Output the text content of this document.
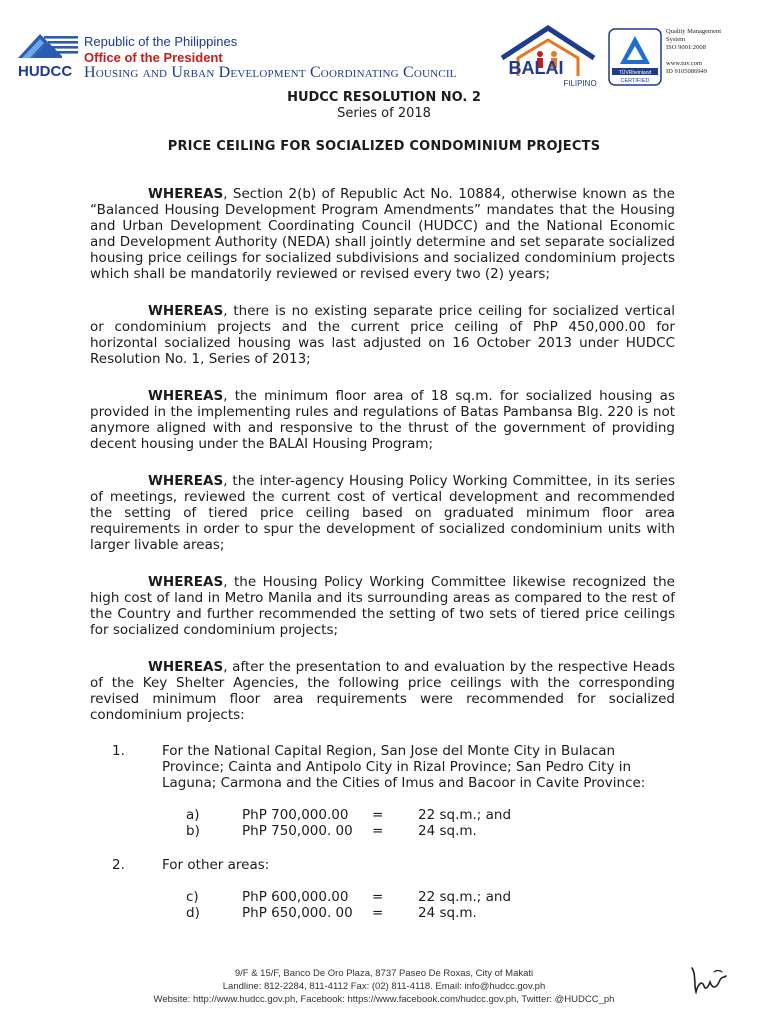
Republic of the Philippines
Office of the President
HUDCC Housing and Urban Development Coordinating Council	BALAI
FILIPINO
TÜVRheinland
CERTIFIED
Quality Management
System
ISO 9001:2008
www.tuv.com
ID 9105086949
HUDCC RESOLUTION NO. 2
Series of 2018
PRICE CEILING FOR SOCIALIZED CONDOMINIUM PROJECTS

WHEREAS, Section 2(b) of Republic Act No. 10884, otherwise known as the “Balanced Housing Development Program Amendments” mandates that the Housing and Urban Development Coordinating Council (HUDCC) and the National Economic and Development Authority (NEDA) shall jointly determine and set separate socialized housing price ceilings for socialized subdivisions and socialized condominium projects which shall be mandatorily reviewed or revised every two (2) years;

WHEREAS, there is no existing separate price ceiling for socialized vertical or condominium projects and the current price ceiling of PhP 450,000.00 for horizontal socialized housing was last adjusted on 16 October 2013 under HUDCC Resolution No. 1, Series of 2013;

WHEREAS, the minimum floor area of 18 sq.m. for socialized housing as provided in the implementing rules and regulations of Batas Pambansa Blg. 220 is not anymore aligned with and responsive to the thrust of the government of providing decent housing under the BALAI Housing Program;

WHEREAS, the inter-agency Housing Policy Working Committee, in its series of meetings, reviewed the current cost of vertical development and recommended the setting of tiered price ceiling based on graduated minimum floor area requirements in order to spur the development of socialized condominium units with larger livable areas;

WHEREAS, the Housing Policy Working Committee likewise recognized the high cost of land in Metro Manila and its surrounding areas as compared to the rest of the Country and further recommended the setting of two sets of tiered price ceilings for socialized condominium projects;

WHEREAS, after the presentation to and evaluation by the respective Heads of the Key Shelter Agencies, the following price ceilings with the corresponding revised minimum floor area requirements were recommended for socialized condominium projects:

1.	For the National Capital Region, San Jose del Monte City in Bulacan Province; Cainta and Antipolo City in Rizal Province; San Pedro City in Laguna; Carmona and the Cities of Imus and Bacoor in Cavite Province:
a)	PhP 700,000.00	=	22 sq.m.; and
b)	PhP 750,000. 00	=	24 sq.m.
2.	For other areas:
c)	PhP 600,000.00	=	22 sq.m.; and
d)	PhP 650,000. 00	=	24 sq.m.
9/F & 15/F, Banco De Oro Plaza, 8737 Paseo De Roxas, City of Makati
Landline: 812-2284, 811-4112 Fax: (02) 811-4118. Email: info@hudcc.gov.ph
Website: http://www.hudcc.gov.ph, Facebook: https://www.facebook.com/hudcc.gov.ph, Twitter: @HUDCC_ph
